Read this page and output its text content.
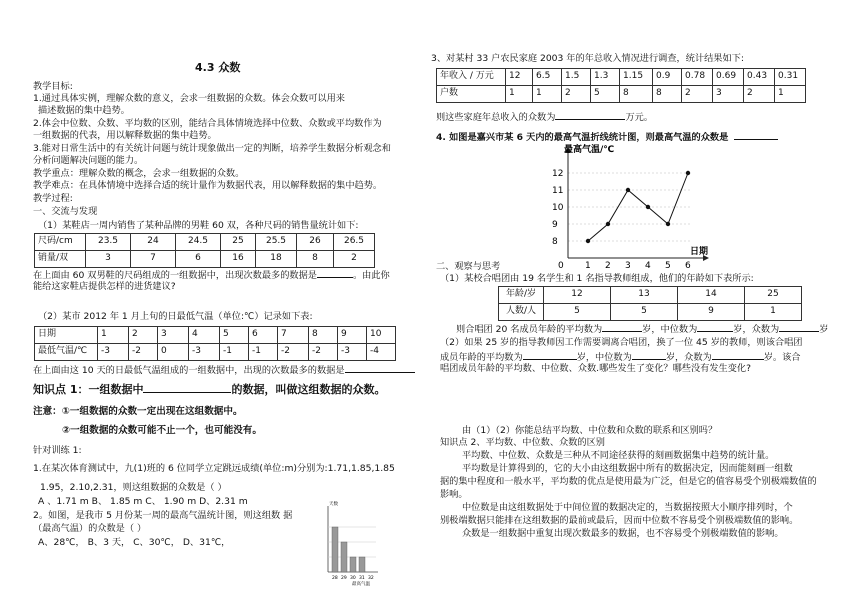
4.3 众数
教学目标:
1.通过具体实例，理解众数的意义，会求一组数据的众数。体会众数可以用来
描述数据的集中趋势。
2.体会中位数、众数、平均数的区别，能结合具体情境选择中位数、众数或平均数作为
一组数据的代表，用以解释数据的集中趋势。
3.能对日常生活中的有关统计问题与统计现象做出一定的判断，培养学生数据分析观念和
分析问题解决问题的能力。
教学重点：理解众数的概念，会求一组数据的众数。
教学难点：在具体情境中选择合适的统计量作为数据代表，用以解释数据的集中趋势。
教学过程:
一、交流与发现
（1）某鞋店一周内销售了某种品牌的男鞋 60 双，各种尺码的销售量统计如下:
尺码/cm	23.5	24	24.5	25	25.5	26	26.5
销量/双	3	7	6	16	18	8	2
在上面由 60 双男鞋的尺码组成的一组数据中，出现次数最多的数据是	。由此你
能给这家鞋店提供怎样的进货建议?
（2）某市 2012 年 1 月上旬的日最低气温（单位:℃）记录如下表:
日期	1	2	3	4	5	6	7	8	9	10
最低气温/℃	-3	-2	0	-3	-1	-1	-2	-2	-3	-4
在上面由这 10 天的日最低气温组成的一组数据中，出现的次数最多的数据是
知识点 1：一组数据中	的数据，叫做这组数据的众数。
注意：①一组数据的众数一定出现在这组数据中。
②一组数据的众数可能不止一个，也可能没有。
针对训练 1:
1.在某次体育测试中，九(1)班的 6 位同学立定跳远成绩(单位:m)分别为:1.71,1.85,1.85
1.95，2.10,2.31，则这组数据的众数是（ ）
A 、1.71 m B、 1.85 m C、 1.90 m D、2.31 m
2。如图，是我市 5 月份某一周的最高气温统计图，则这组数 据
（最高气温）的众数是（ ）
A、28℃， B、3 天， C、30℃， D、31℃，
天数
最高气温
28 29 30 31 32
3、对某村 33 户农民家庭 2003 年的年总收入情况进行调查，统计结果如下:
年收入 / 万元	12	6.5	1.5	1.3	1.15	0.9	0.78	0.69	0.43	0.31
户数	1	1	2	5	8	8	2	3	2	1
则这些家庭年总收入的众数为	万元。
4. 如图是嘉兴市某 6 天内的最高气温折线统计图，则最高气温的众数是
最高气温/℃
日期
12
11
10
9
8
0 1 2 3 4 5 6
二、观察与思考
（1）某校合唱团由 19 名学生和 1 名指导教师组成，他们的年龄如下表所示:
年龄/岁	12	13	14	25
人数/人	5	5	9	1
则合唱团 20 名成员年龄的平均数为	岁，中位数为	岁，众数为	岁
（2）如果 25 岁的指导教师因工作需要调离合唱团，换了一位 45 岁的教师，则该合唱团
成员年龄的平均数为	岁，中位数为	岁，众数为	岁。该合
唱团成员年龄的平均数、中位数、众数.哪些发生了变化？哪些没有发生变化?
由（1）（2）你能总结平均数、中位数和众数的联系和区别吗？
知识点 2、平均数、中位数、众数的区别
平均数、中位数、众数是三种从不同途径获得的刻画数据集中趋势的统计量。
平均数是计算得到的，它的大小由这组数据中所有的数据决定，因而能刻画一组数
据的集中程度和一般水平，平均数的优点是使用最为广泛，但是它的值容易受个别极端数值的
影响。
中位数是由这组数据处于中间位置的数据决定的，当数据按照大小顺序排列时，个
别极端数据只能排在这组数据的最前或最后，因而中位数不容易受个别极端数值的影响。
众数是一组数据中重复出现次数最多的数据，也不容易受个别极端数值的影响。
